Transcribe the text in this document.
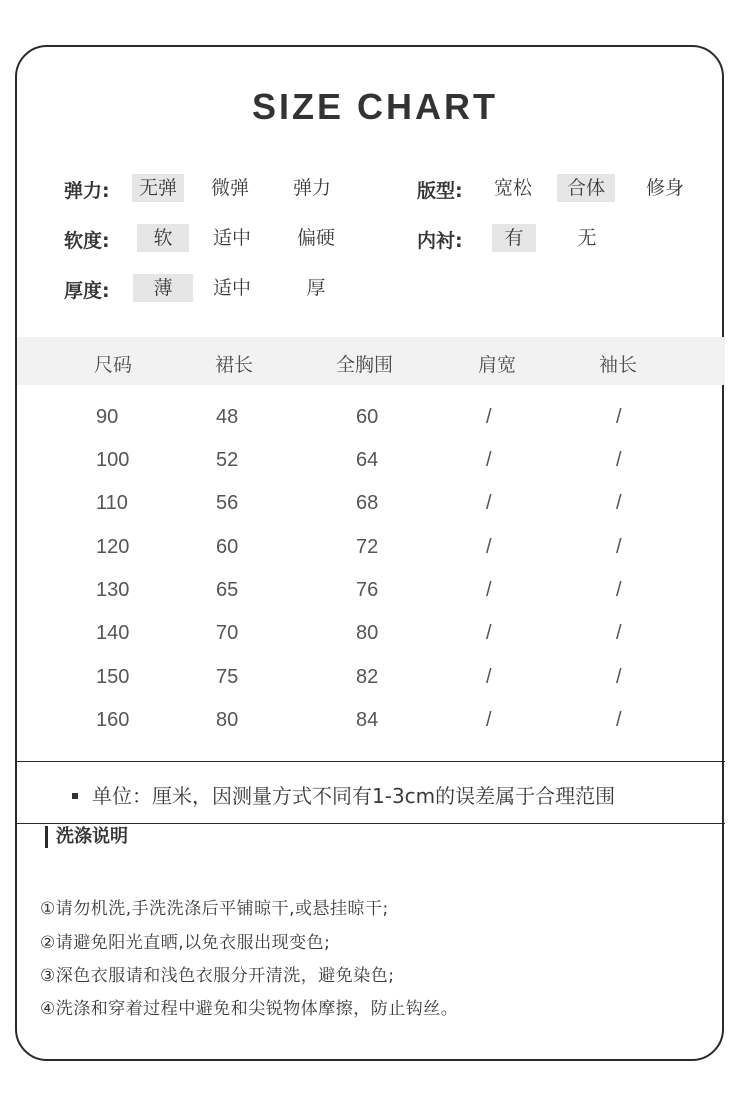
SIZE CHART
弹力:	无弹	微弹	弹力
软度:	软	适中	偏硬
厚度:	薄	适中	厚
版型:	宽松	合体	修身
内衬:	有	无
尺码	裙长	全胸围	肩宽	袖长
90	48	60	/	/
100	52	64	/	/
110	56	68	/	/
120	60	72	/	/
130	65	76	/	/
140	70	80	/	/
150	75	82	/	/
160	80	84	/	/
单位：厘米，因测量方式不同有1-3cm的误差属于合理范围
洗涤说明
①请勿机洗,手洗洗涤后平铺晾干,或悬挂晾干;
②请避免阳光直晒,以免衣服出现变色;
③深色衣服请和浅色衣服分开清洗，避免染色;
④洗涤和穿着过程中避免和尖锐物体摩擦，防止钩丝。
